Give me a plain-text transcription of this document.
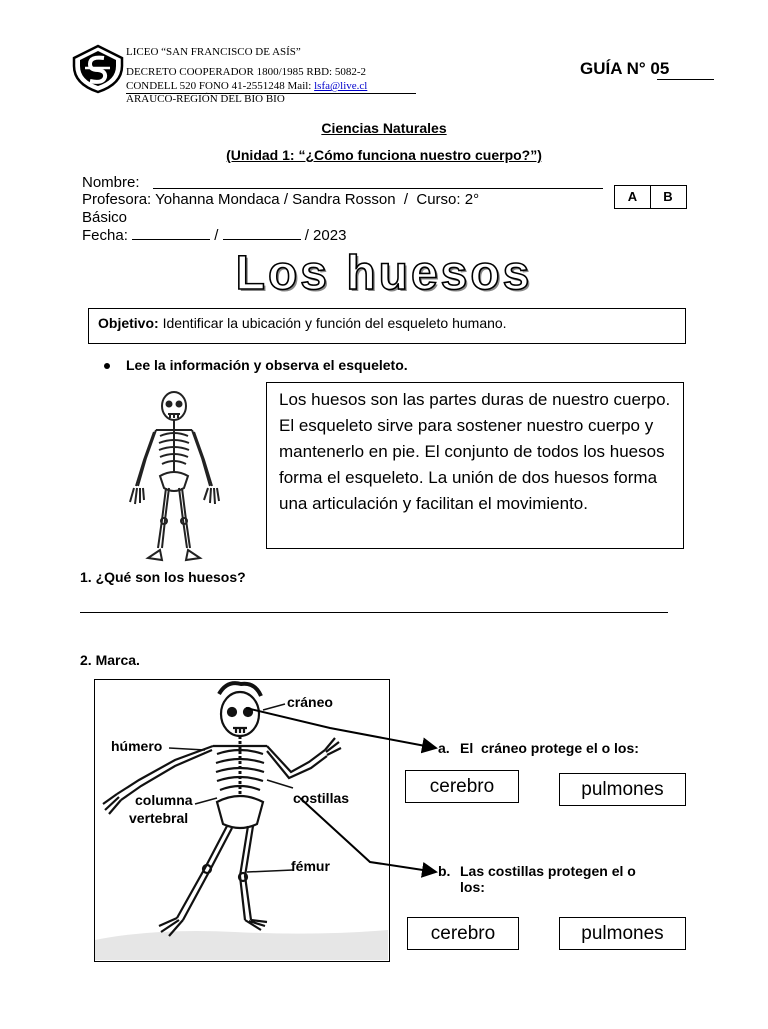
LICEO “SAN FRANCISCO DE ASÍS”
DECRETO COOPERADOR 1800/1985 RBD: 5082-2
CONDELL 520 FONO 41-2551248 Mail: lsfa@live.cl
ARAUCO-REGIÓN DEL BIO BIO
GUÍA N° 05
Ciencias Naturales
(Unidad 1: “¿Cómo funciona nuestro cuerpo?”)
Nombre:
Profesora: Yohanna Mondaca / Sandra Rosson  /  Curso: 2°
Básico
Fecha:	/	/ 2023
A	B
Los huesos
Objetivo: Identificar la ubicación y función del esqueleto humano.
Lee la información y observa el esqueleto.
Los huesos son las partes duras de nuestro cuerpo. El esqueleto sirve para sostener nuestro cuerpo y mantenerlo en pie. El conjunto de todos los huesos forma el esqueleto. La unión de dos huesos forma una articulación y facilitan el movimiento.
1. ¿Qué son los huesos?
2. Marca.
cráneo
húmero
columna
vertebral
costillas
fémur
a. El  cráneo protege el o los:
cerebro	pulmones
b. Las costillas protegen el o
los:
cerebro	pulmones
